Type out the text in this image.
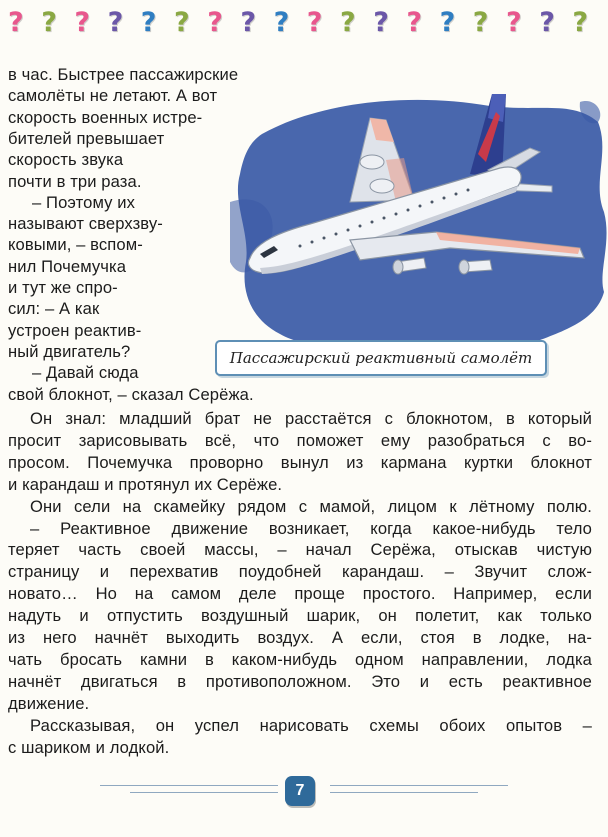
? ? ? ? ? ? ? ? ? ? ? ? ? ? ? ? ? ?
Пассажирский реактивный самолёт
в час. Быстрее пассажирские
самолёты не летают. А вот
скорость военных истре-
бителей превышает
скорость звука
почти в три раза.
– Поэтому их
называют сверхзву-
ковыми, – вспом-
нил Почемучка
и тут же спро-
сил: – А как
устроен реактив-
ный двигатель?
– Давай сюда
свой блокнот, – сказал Серёжа.
Он знал: младший брат не расстаётся с блокнотом, в который
просит зарисовывать всё, что поможет ему разобраться с во-
просом. Почемучка проворно вынул из кармана куртки блокнот
и карандаш и протянул их Серёже.
Они сели на скамейку рядом с мамой, лицом к лётному полю.
– Реактивное движение возникает, когда какое-нибудь тело
теряет часть своей массы, – начал Серёжа, отыскав чистую
страницу и перехватив поудобней карандаш. – Звучит слож-
новато… Но на самом деле проще простого. Например, если
надуть и отпустить воздушный шарик, он полетит, как только
из него начнёт выходить воздух. А если, стоя в лодке, на-
чать бросать камни в каком-нибудь одном направлении, лодка
начнёт двигаться в противоположном. Это и есть реактивное
движение.
Рассказывая, он успел нарисовать схемы обоих опытов –
с шариком и лодкой.
7
